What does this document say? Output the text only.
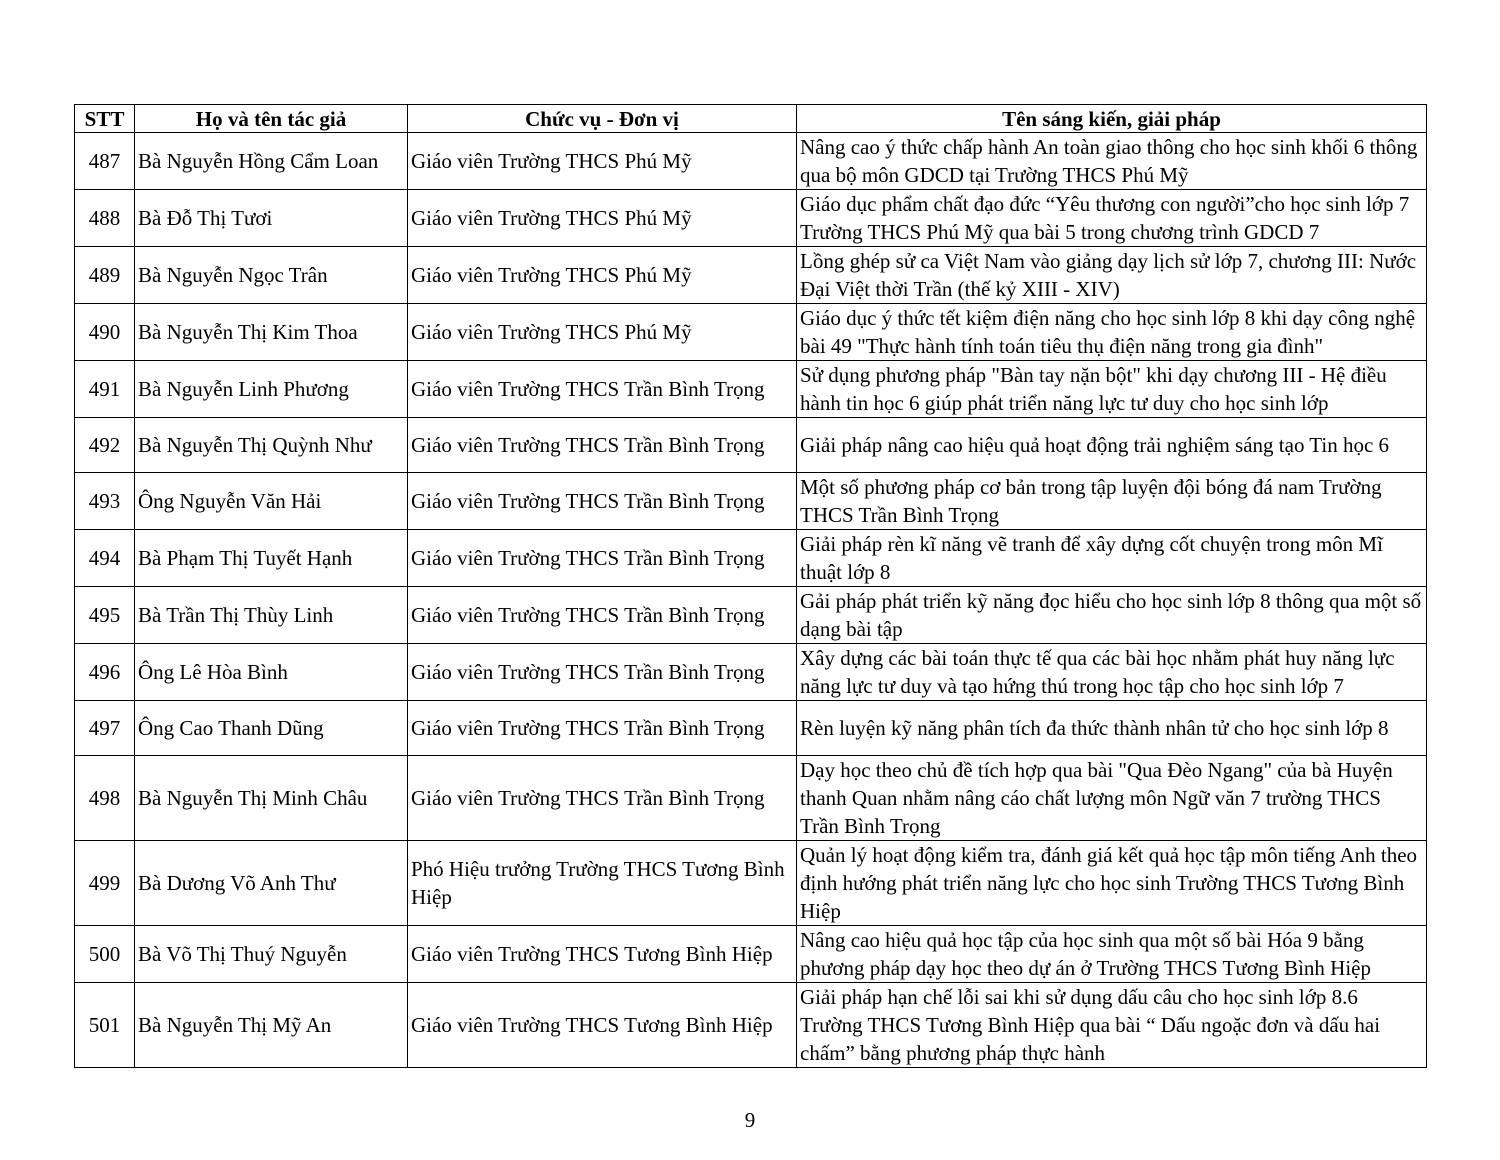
STT	Họ và tên tác giả	Chức vụ - Đơn vị	Tên sáng kiến, giải pháp
487	Bà Nguyễn Hồng Cẩm Loan	Giáo viên Trường THCS Phú Mỹ	Nâng cao ý thức chấp hành An toàn giao thông cho học sinh khối 6 thông qua bộ môn GDCD tại Trường THCS Phú Mỹ
488	Bà Đỗ Thị Tươi	Giáo viên Trường THCS Phú Mỹ	Giáo dục phẩm chất đạo đức “Yêu thương con người”cho học sinh lớp 7 Trường THCS Phú Mỹ qua bài 5 trong chương trình GDCD 7
489	Bà Nguyễn Ngọc Trân	Giáo viên Trường THCS Phú Mỹ	Lồng ghép sử ca Việt Nam vào giảng dạy lịch sử lớp 7, chương III: Nước Đại Việt thời Trần (thế kỷ XIII - XIV)
490	Bà Nguyễn Thị Kim Thoa	Giáo viên Trường THCS Phú Mỹ	Giáo dục ý thức tết kiệm điện năng cho học sinh lớp 8 khi dạy công nghệ bài 49 "Thực hành tính toán tiêu thụ điện năng trong gia đình"
491	Bà Nguyễn Linh Phương	Giáo viên Trường THCS Trần Bình Trọng	Sử dụng phương pháp "Bàn tay nặn bột" khi dạy chương III - Hệ điều hành tin học 6 giúp phát triển năng lực tư duy cho học sinh lớp
492	Bà Nguyễn Thị Quỳnh Như	Giáo viên Trường THCS Trần Bình Trọng	Giải pháp nâng cao hiệu quả hoạt động trải nghiệm sáng tạo Tin học 6
493	Ông Nguyễn Văn Hải	Giáo viên Trường THCS Trần Bình Trọng	Một số phương pháp cơ bản trong tập luyện đội bóng đá nam Trường THCS Trần Bình Trọng
494	Bà Phạm Thị Tuyết Hạnh	Giáo viên Trường THCS Trần Bình Trọng	Giải pháp rèn kĩ năng vẽ tranh để xây dựng cốt chuyện trong môn Mĩ thuật lớp 8
495	Bà Trần Thị Thùy Linh	Giáo viên Trường THCS Trần Bình Trọng	Gải pháp phát triển kỹ năng đọc hiểu cho học sinh lớp 8 thông qua một số dạng bài tập
496	Ông Lê Hòa Bình	Giáo viên Trường THCS Trần Bình Trọng	Xây dựng các bài toán thực tế qua các bài học nhằm phát huy năng lực năng lực tư duy và tạo hứng thú trong học tập cho học sinh lớp 7
497	Ông Cao Thanh Dũng	Giáo viên Trường THCS Trần Bình Trọng	Rèn luyện kỹ năng phân tích đa thức thành nhân tử cho học sinh lớp 8
498	Bà Nguyễn Thị Minh Châu	Giáo viên Trường THCS Trần Bình Trọng	Dạy học theo chủ đề tích hợp qua bài "Qua Đèo Ngang" của bà Huyện thanh Quan nhằm nâng cáo chất lượng môn Ngữ văn 7 trường THCS Trần Bình Trọng
499	Bà Dương Võ Anh Thư	Phó Hiệu trưởng Trường THCS Tương Bình Hiệp	Quản lý hoạt động kiểm tra, đánh giá kết quả học tập môn tiếng Anh theo định hướng phát triển năng lực cho học sinh Trường THCS Tương Bình Hiệp
500	Bà Võ Thị Thuý Nguyễn	Giáo viên Trường THCS Tương Bình Hiệp	Nâng cao hiệu quả học tập của học sinh qua một số bài Hóa 9 bằng phương pháp dạy học theo dự án ở Trường THCS Tương Bình Hiệp
501	Bà Nguyễn Thị Mỹ An	Giáo viên Trường THCS Tương Bình Hiệp	Giải pháp hạn chế lỗi sai khi sử dụng dấu câu cho học sinh lớp 8.6 Trường THCS Tương Bình Hiệp qua bài “ Dấu ngoặc đơn và dấu hai chấm” bằng phương pháp thực hành
9
